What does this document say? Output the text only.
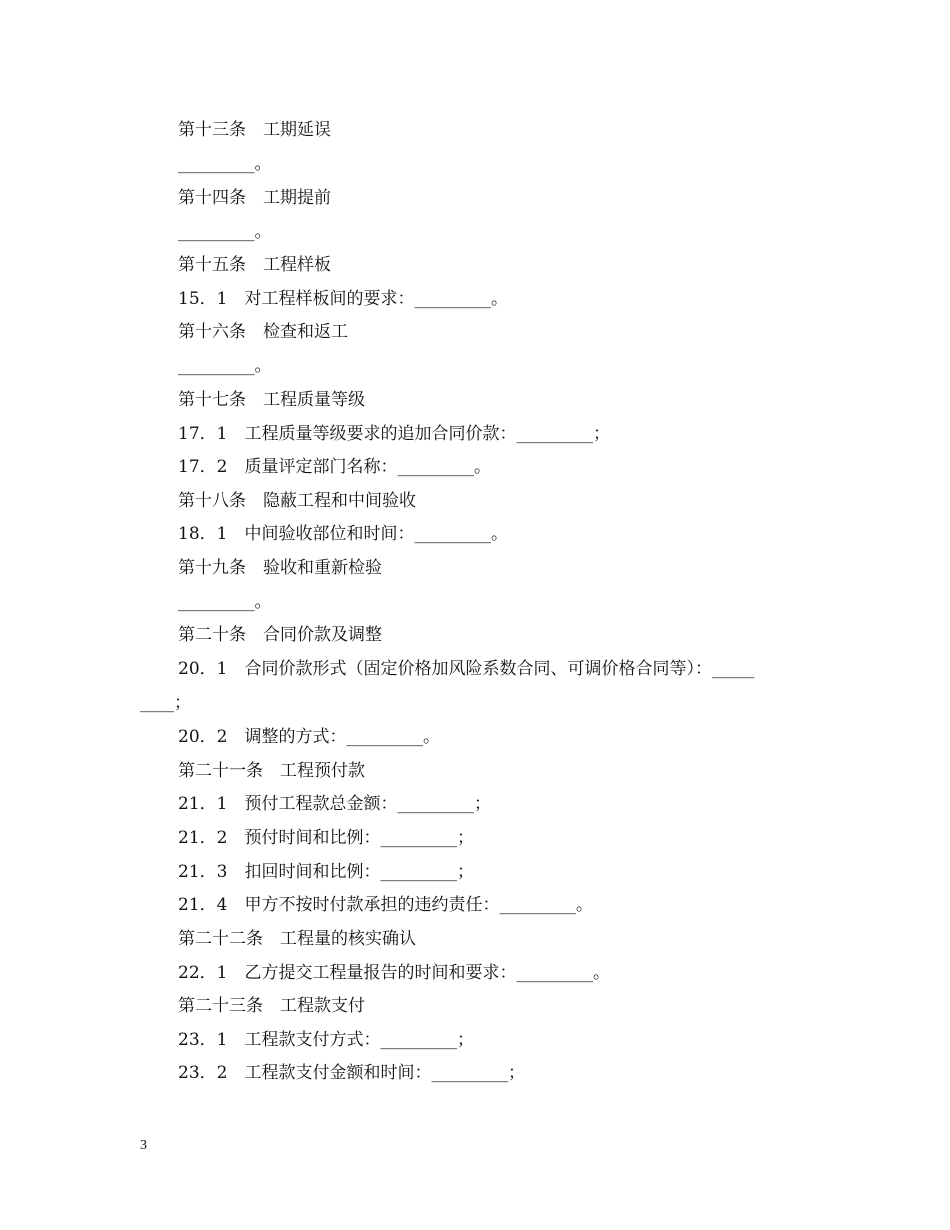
第十三条　工期延误
_________。
第十四条　工期提前
_________。
第十五条　工程样板
15．1　对工程样板间的要求：_________。
第十六条　检查和返工
_________。
第十七条　工程质量等级
17．1　工程质量等级要求的追加合同价款：_________；
17．2　质量评定部门名称：_________。
第十八条　隐蔽工程和中间验收
18．1　中间验收部位和时间：_________。
第十九条　验收和重新检验
_________。
第二十条　合同价款及调整
20．1　合同价款形式（固定价格加风险系数合同、可调价格合同等）：_____
____；
20．2　调整的方式：_________。
第二十一条　工程预付款
21．1　预付工程款总金额：_________；
21．2　预付时间和比例：_________；
21．3　扣回时间和比例：_________；
21．4　甲方不按时付款承担的违约责任：_________。
第二十二条　工程量的核实确认
22．1　乙方提交工程量报告的时间和要求：_________。
第二十三条　工程款支付
23．1　工程款支付方式：_________；
23．2　工程款支付金额和时间：_________；
3
